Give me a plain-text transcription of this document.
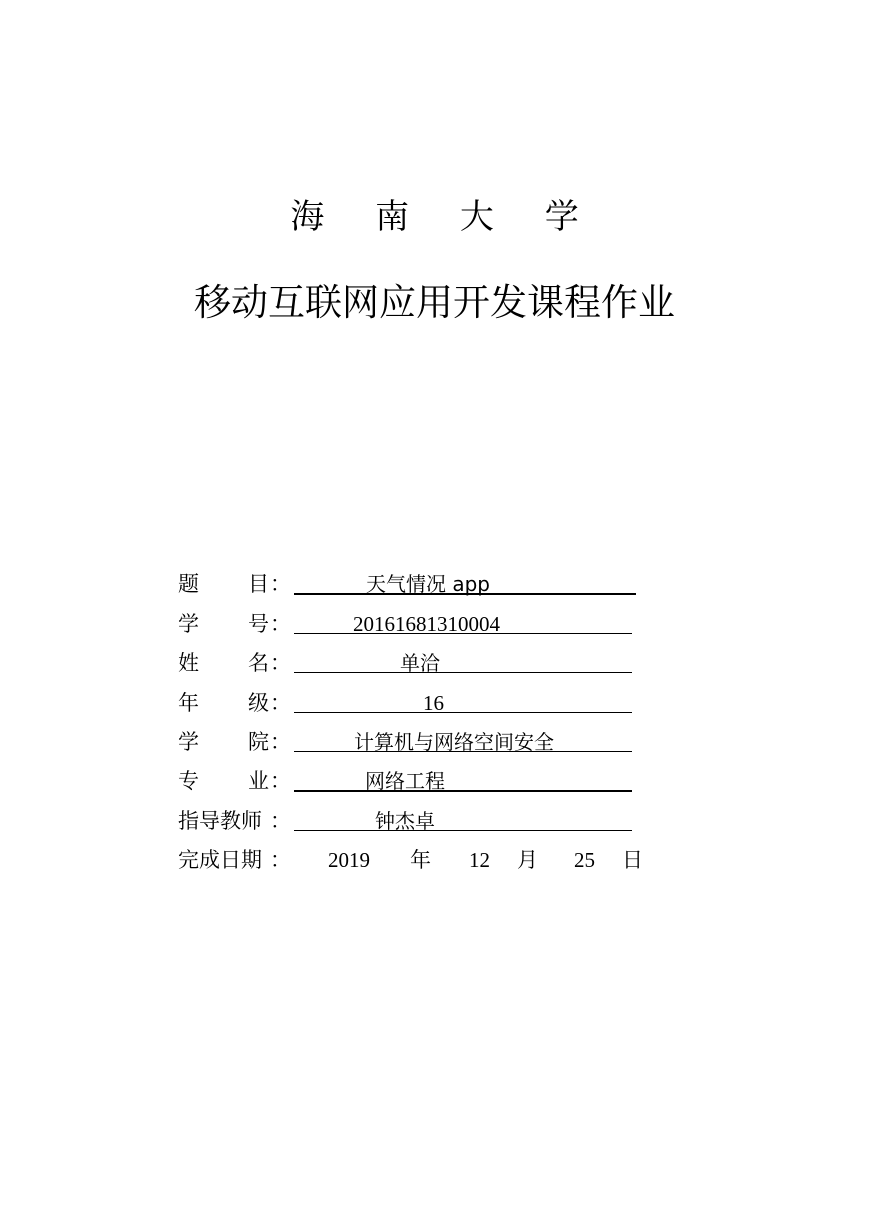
海 南 大 学
移动互联网应用开发课程作业
题 目 ：	天气情况 app
学 号 ：	20161681310004
姓 名 ：	单洽
年 级 ：	16
学 院 ：	计算机与网络空间安全
专 业 ：	网络工程
指导教师 ：	钟杰卓
完成日期 ： 2019 年 12 月 25 日
